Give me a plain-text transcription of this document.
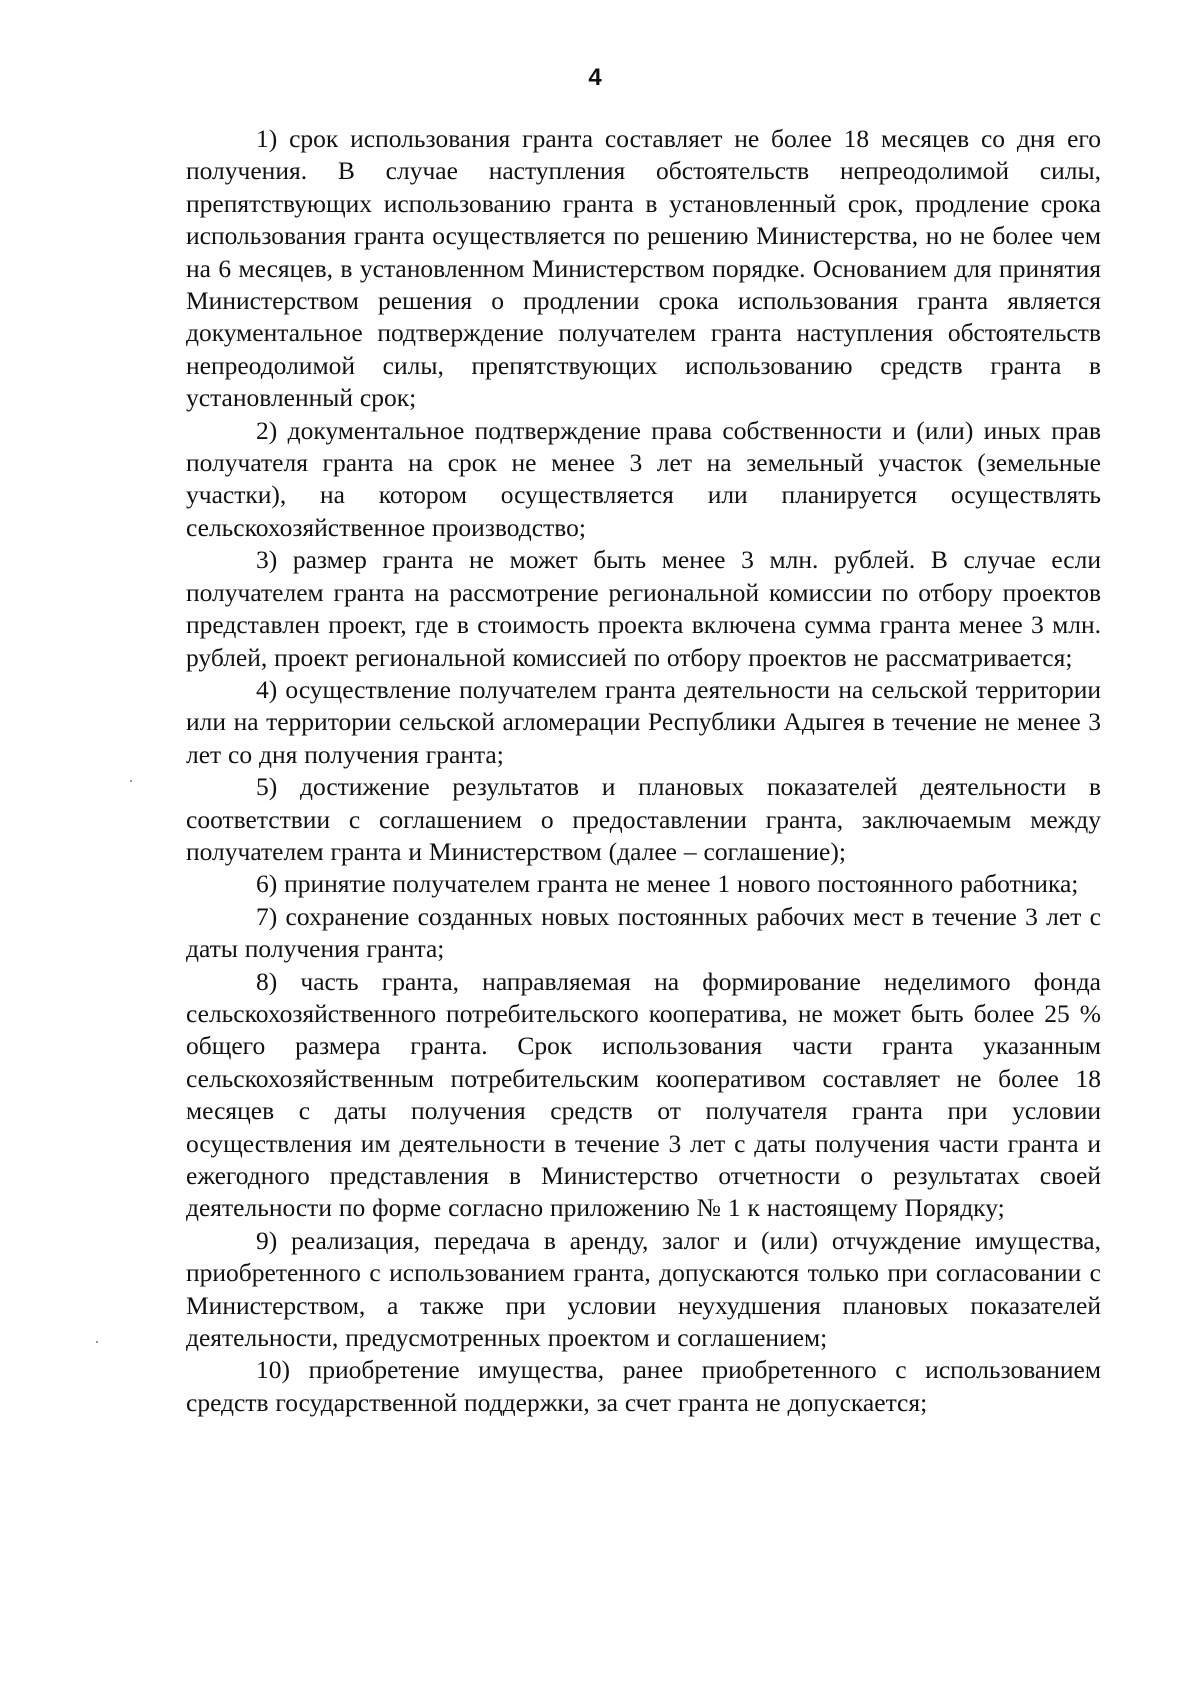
4

1) срок использования гранта составляет не более 18 месяцев со дня его получения. В случае наступления обстоятельств непреодолимой силы, препятствующих использованию гранта в установленный срок, продление срока использования гранта осуществляется по решению Министерства, но не более чем на 6 месяцев, в установленном Министерством порядке. Основанием для принятия Министерством решения о продлении срока использования гранта является документальное подтверждение получателем гранта наступления обстоятельств непреодолимой силы, препятствующих использованию средств гранта в установленный срок;

2) документальное подтверждение права собственности и (или) иных прав получателя гранта на срок не менее 3 лет на земельный участок (земельные участки), на котором осуществляется или планируется осуществлять сельскохозяйственное производство;

3) размер гранта не может быть менее 3 млн. рублей. В случае если получателем гранта на рассмотрение региональной комиссии по отбору проектов представлен проект, где в стоимость проекта включена сумма гранта менее 3 млн. рублей, проект региональной комиссией по отбору проектов не рассматривается;

4) осуществление получателем гранта деятельности на сельской территории или на территории сельской агломерации Республики Адыгея в течение не менее 3 лет со дня получения гранта;

5) достижение результатов и плановых показателей деятельности в соответствии с соглашением о предоставлении гранта, заключаемым между получателем гранта и Министерством (далее – соглашение);

6) принятие получателем гранта не менее 1 нового постоянного работника;

7) сохранение созданных новых постоянных рабочих мест в течение 3 лет с даты получения гранта;

8) часть гранта, направляемая на формирование неделимого фонда сельскохозяйственного потребительского кооператива, не может быть более 25 % общего размера гранта. Срок использования части гранта указанным сельскохозяйственным потребительским кооперативом составляет не более 18 месяцев с даты получения средств от получателя гранта при условии осуществления им деятельности в течение 3 лет с даты получения части гранта и ежегодного представления в Министерство отчетности о результатах своей деятельности по форме согласно приложению № 1 к настоящему Порядку;

9) реализация, передача в аренду, залог и (или) отчуждение имущества, приобретенного с использованием гранта, допускаются только при согласовании с Министерством, а также при условии неухудшения плановых показателей деятельности, предусмотренных проектом и соглашением;

10) приобретение имущества, ранее приобретенного с использованием средств государственной поддержки, за счет гранта не допускается;
